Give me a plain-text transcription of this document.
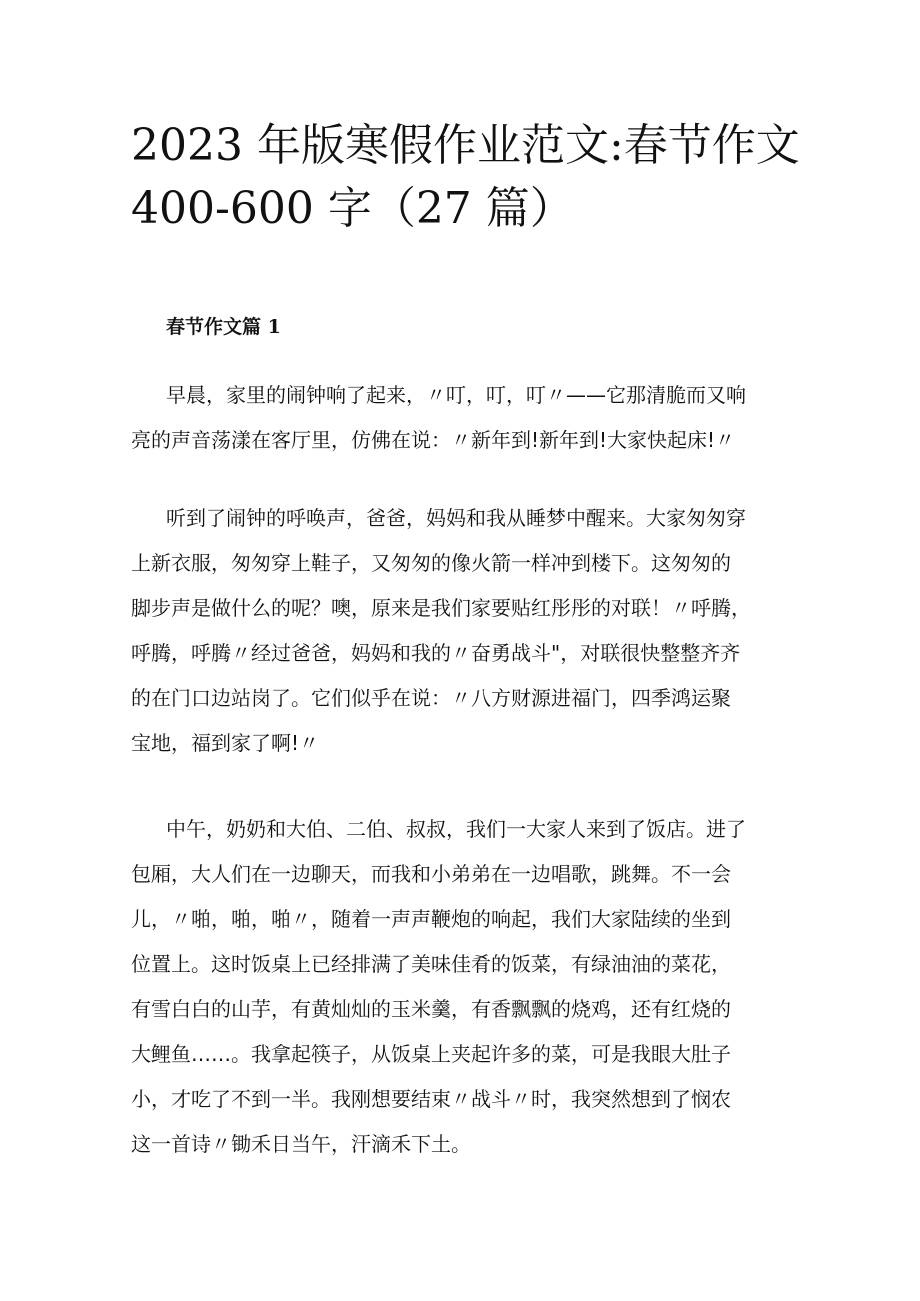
2023 年版寒假作业范文:春节作文
400-600 字（27 篇）
春节作文篇 1

早晨，家里的闹钟响了起来，〃叮，叮，叮〃——它那清脆而又响
亮的声音荡漾在客厅里，仿佛在说：〃新年到!新年到!大家快起床!〃

听到了闹钟的呼唤声，爸爸，妈妈和我从睡梦中醒来。大家匆匆穿
上新衣服，匆匆穿上鞋子，又匆匆的像火箭一样冲到楼下。这匆匆的
脚步声是做什么的呢？噢，原来是我们家要贴红彤彤的对联！〃呼腾，
呼腾，呼腾〃经过爸爸，妈妈和我的〃奋勇战斗"，对联很快整整齐齐
的在门口边站岗了。它们似乎在说：〃八方财源进福门，四季鸿运聚
宝地，福到家了啊!〃

中午，奶奶和大伯、二伯、叔叔，我们一大家人来到了饭店。进了
包厢，大人们在一边聊天，而我和小弟弟在一边唱歌，跳舞。不一会
儿，〃啪，啪，啪〃，随着一声声鞭炮的响起，我们大家陆续的坐到
位置上。这时饭桌上已经排满了美味佳肴的饭菜，有绿油油的菜花，
有雪白白的山芋，有黄灿灿的玉米羹，有香飘飘的烧鸡，还有红烧的
大鲤鱼……。我拿起筷子，从饭桌上夹起许多的菜，可是我眼大肚子
小，才吃了不到一半。我刚想要结束〃战斗〃时，我突然想到了悯农
这一首诗〃锄禾日当午，汗滴禾下土。
